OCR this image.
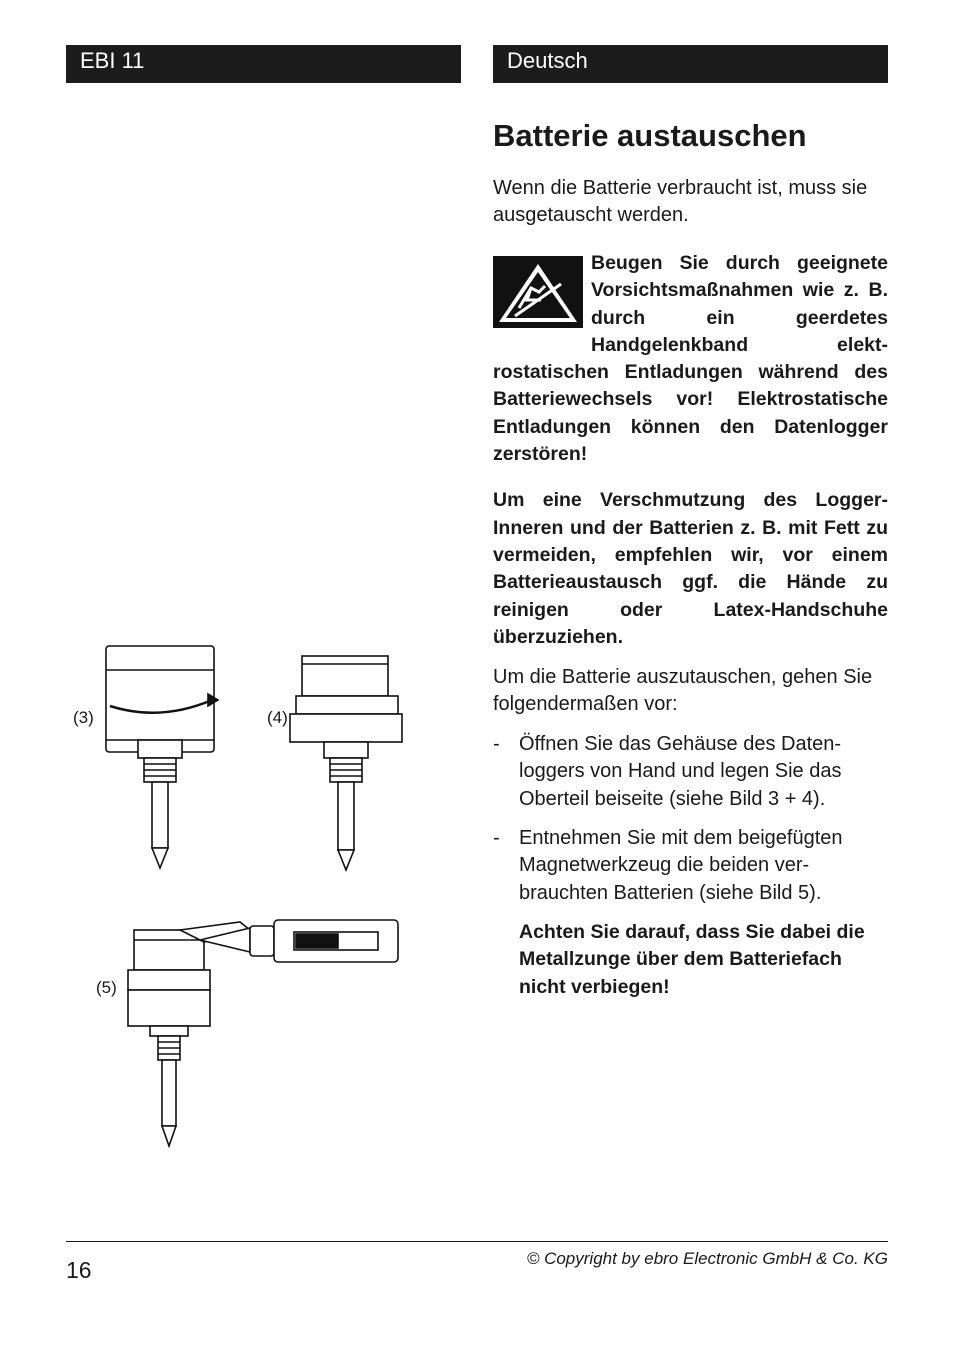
EBI 11	Deutsch
Batterie austauschen

Wenn die Batterie verbraucht ist, muss sie ausgetauscht werden.

Beugen Sie durch geeignete Vorsichtsmaßnahmen wie z. B. durch ein geerdetes Handgelenkband elektrostatischen Entladungen während des Batteriewechsels vor! Elektrostatische Entladungen können den Datenlogger zerstören!

Um eine Verschmutzung des Logger-Inneren und der Batterien z. B. mit Fett zu vermeiden, empfehlen wir, vor einem Batterieaustausch ggf. die Hände zu reinigen oder Latex-Handschuhe überzuziehen.

Um die Batterie auszutauschen, gehen Sie folgendermaßen vor:

- Öffnen Sie das Gehäuse des Datenloggers von Hand und legen Sie das Oberteil beiseite (siehe Bild 3 + 4).
- Entnehmen Sie mit dem beigefügten Magnetwerkzeug die beiden verbrauchten Batterien (siehe Bild 5).

Achten Sie darauf, dass Sie dabei die Metallzunge über dem Batteriefach nicht verbiegen!

(3)	(4)
(5)
16	© Copyright by ebro Electronic GmbH & Co. KG
